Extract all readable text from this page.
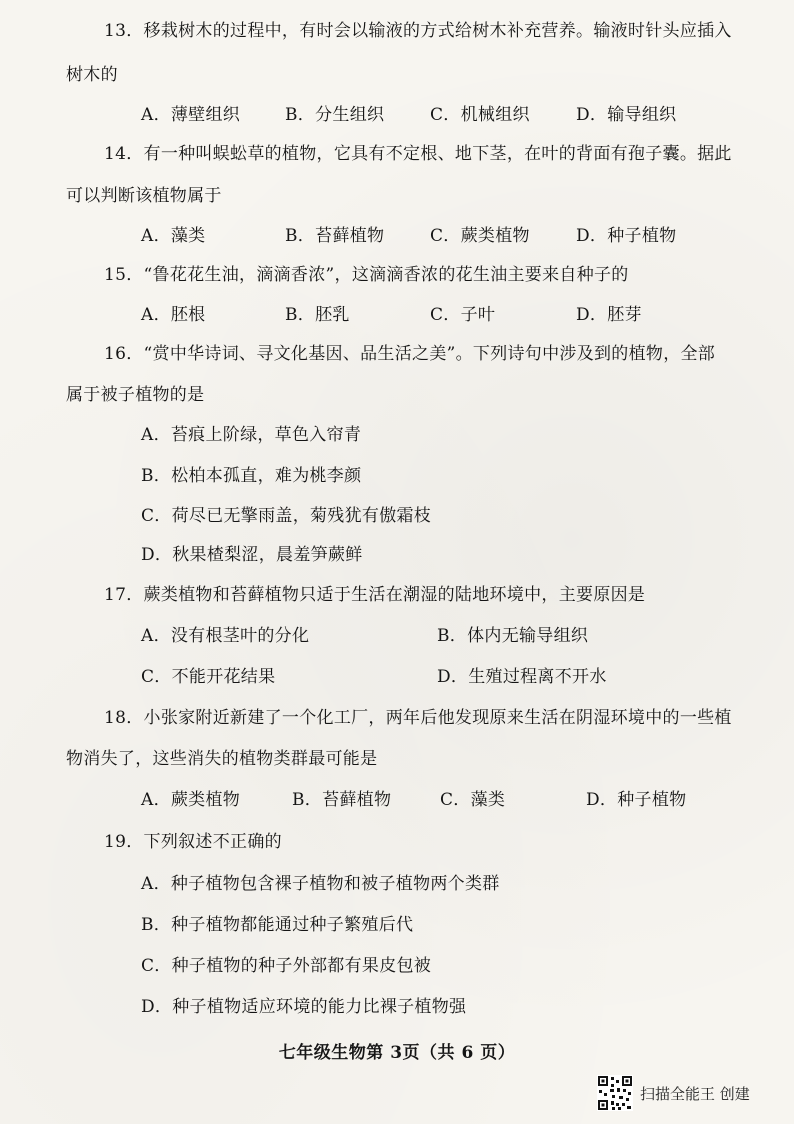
13．移栽树木的过程中，有时会以输液的方式给树木补充营养。输液时针头应插入
树木的
A．薄壁组织	B．分生组织	C．机械组织	D．输导组织
14．有一种叫蜈蚣草的植物，它具有不定根、地下茎，在叶的背面有孢子囊。据此
可以判断该植物属于
A．藻类	B．苔藓植物	C．蕨类植物	D．种子植物
15．“鲁花花生油，滴滴香浓”，这滴滴香浓的花生油主要来自种子的
A．胚根	B．胚乳	C．子叶	D．胚芽
16．“赏中华诗词、寻文化基因、品生活之美”。下列诗句中涉及到的植物，全部
属于被子植物的是
A．苔痕上阶绿，草色入帘青
B．松柏本孤直，难为桃李颜
C．荷尽已无擎雨盖，菊残犹有傲霜枝
D．秋果楂梨涩，晨羞笋蕨鲜
17．蕨类植物和苔藓植物只适于生活在潮湿的陆地环境中，主要原因是
A．没有根茎叶的分化	B．体内无输导组织
C．不能开花结果	D．生殖过程离不开水
18．小张家附近新建了一个化工厂，两年后他发现原来生活在阴湿环境中的一些植
物消失了，这些消失的植物类群最可能是
A．蕨类植物	B．苔藓植物	C．藻类	D．种子植物
19．下列叙述不正确的
A．种子植物包含裸子植物和被子植物两个类群
B．种子植物都能通过种子繁殖后代
C．种子植物的种子外部都有果皮包被
D．种子植物适应环境的能力比裸子植物强
七年级生物第 3页（共 6 页）
扫描全能王 创建
